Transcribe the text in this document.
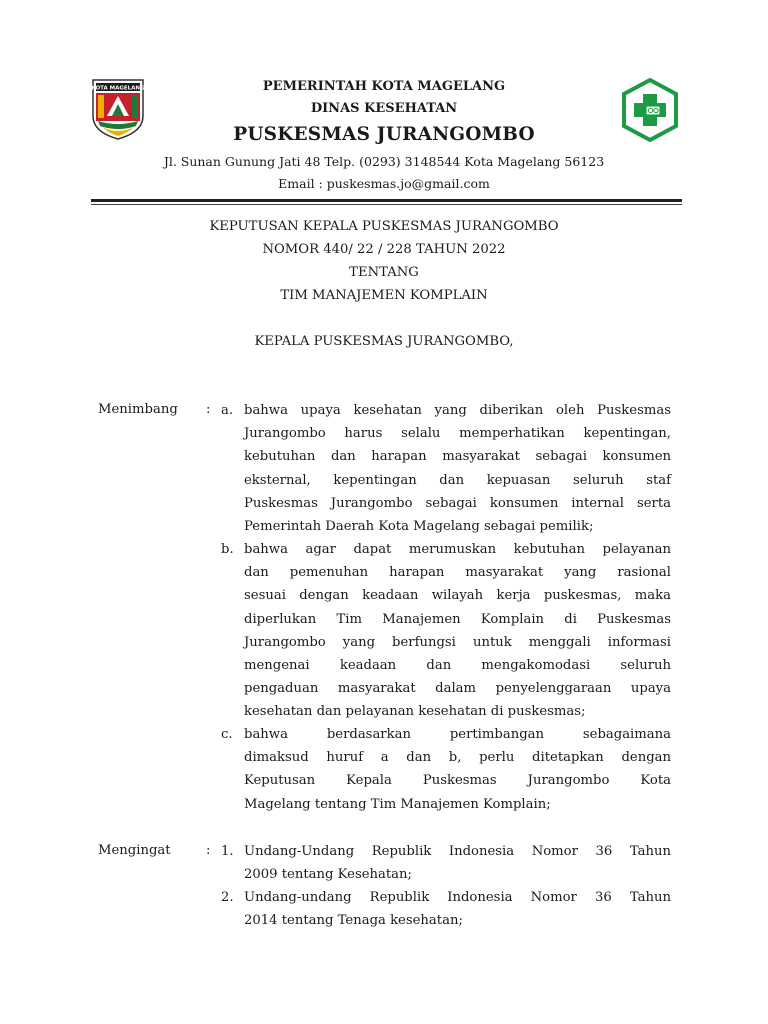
KOTA MAGELANG	PEMERINTAH KOTA MAGELANG
DINAS KESEHATAN
PUSKESMAS JURANGOMBO
Jl. Sunan Gunung Jati 48 Telp. (0293) 3148544 Kota Magelang 56123
Email : puskesmas.jo@gmail.com
KEPUTUSAN KEPALA PUSKESMAS JURANGOMBO
NOMOR 440/ 22 / 228 TAHUN 2022
TENTANG
TIM MANAJEMEN KOMPLAIN
KEPALA PUSKESMAS JURANGOMBO,
Menimbang : a. bahwa upaya kesehatan yang diberikan oleh Puskesmas
Jurangombo harus selalu memperhatikan kepentingan,
kebutuhan dan harapan masyarakat sebagai konsumen
eksternal, kepentingan dan kepuasan seluruh staf
Puskesmas Jurangombo sebagai konsumen internal serta
Pemerintah Daerah Kota Magelang sebagai pemilik;
b. bahwa agar dapat merumuskan kebutuhan pelayanan
dan pemenuhan harapan masyarakat yang rasional
sesuai dengan keadaan wilayah kerja puskesmas, maka
diperlukan Tim Manajemen Komplain di Puskesmas
Jurangombo yang berfungsi untuk menggali informasi
mengenai keadaan dan mengakomodasi seluruh
pengaduan masyarakat dalam penyelenggaraan upaya
kesehatan dan pelayanan kesehatan di puskesmas;
c. bahwa berdasarkan pertimbangan sebagaimana
dimaksud huruf a dan b, perlu ditetapkan dengan
Keputusan Kepala Puskesmas Jurangombo Kota
Magelang tentang Tim Manajemen Komplain;
Mengingat	: 1. Undang-Undang Republik Indonesia Nomor 36 Tahun
2009 tentang Kesehatan;
2. Undang-undang Republik Indonesia Nomor 36 Tahun
2014 tentang Tenaga kesehatan;
